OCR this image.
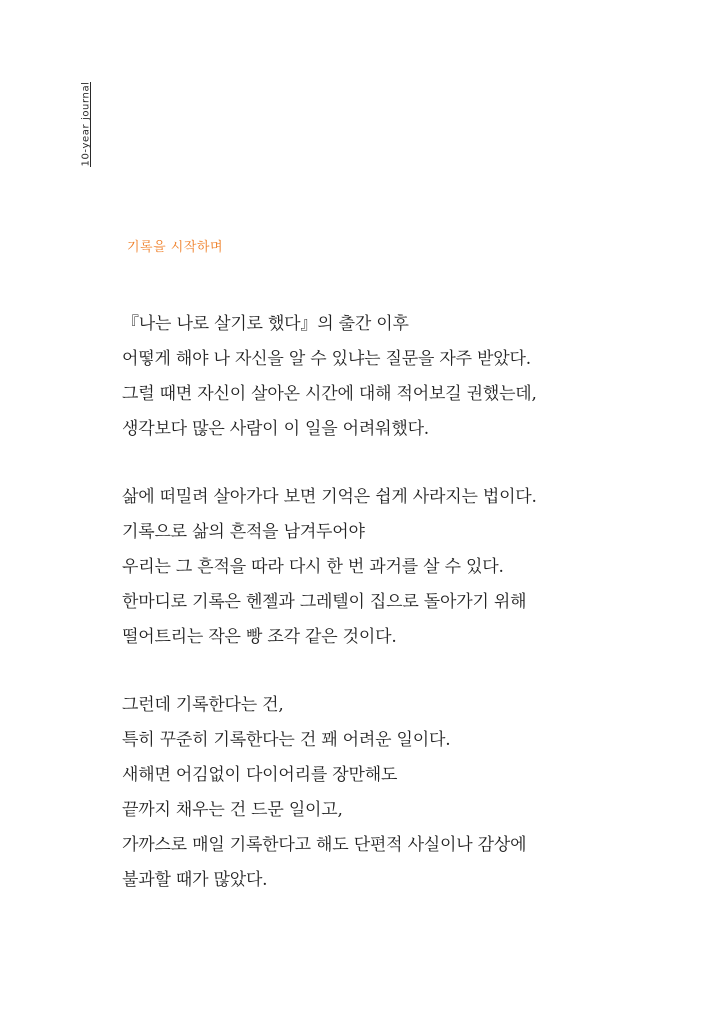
10-year journal
기록을 시작하며
『나는 나로 살기로 했다』의 출간 이후
어떻게 해야 나 자신을 알 수 있냐는 질문을 자주 받았다.
그럴 때면 자신이 살아온 시간에 대해 적어보길 권했는데,
생각보다 많은 사람이 이 일을 어려워했다.
삶에 떠밀려 살아가다 보면 기억은 쉽게 사라지는 법이다.
기록으로 삶의 흔적을 남겨두어야
우리는 그 흔적을 따라 다시 한 번 과거를 살 수 있다.
한마디로 기록은 헨젤과 그레텔이 집으로 돌아가기 위해
떨어트리는 작은 빵 조각 같은 것이다.
그런데 기록한다는 건,
특히 꾸준히 기록한다는 건 꽤 어려운 일이다.
새해면 어김없이 다이어리를 장만해도
끝까지 채우는 건 드문 일이고,
가까스로 매일 기록한다고 해도 단편적 사실이나 감상에
불과할 때가 많았다.
